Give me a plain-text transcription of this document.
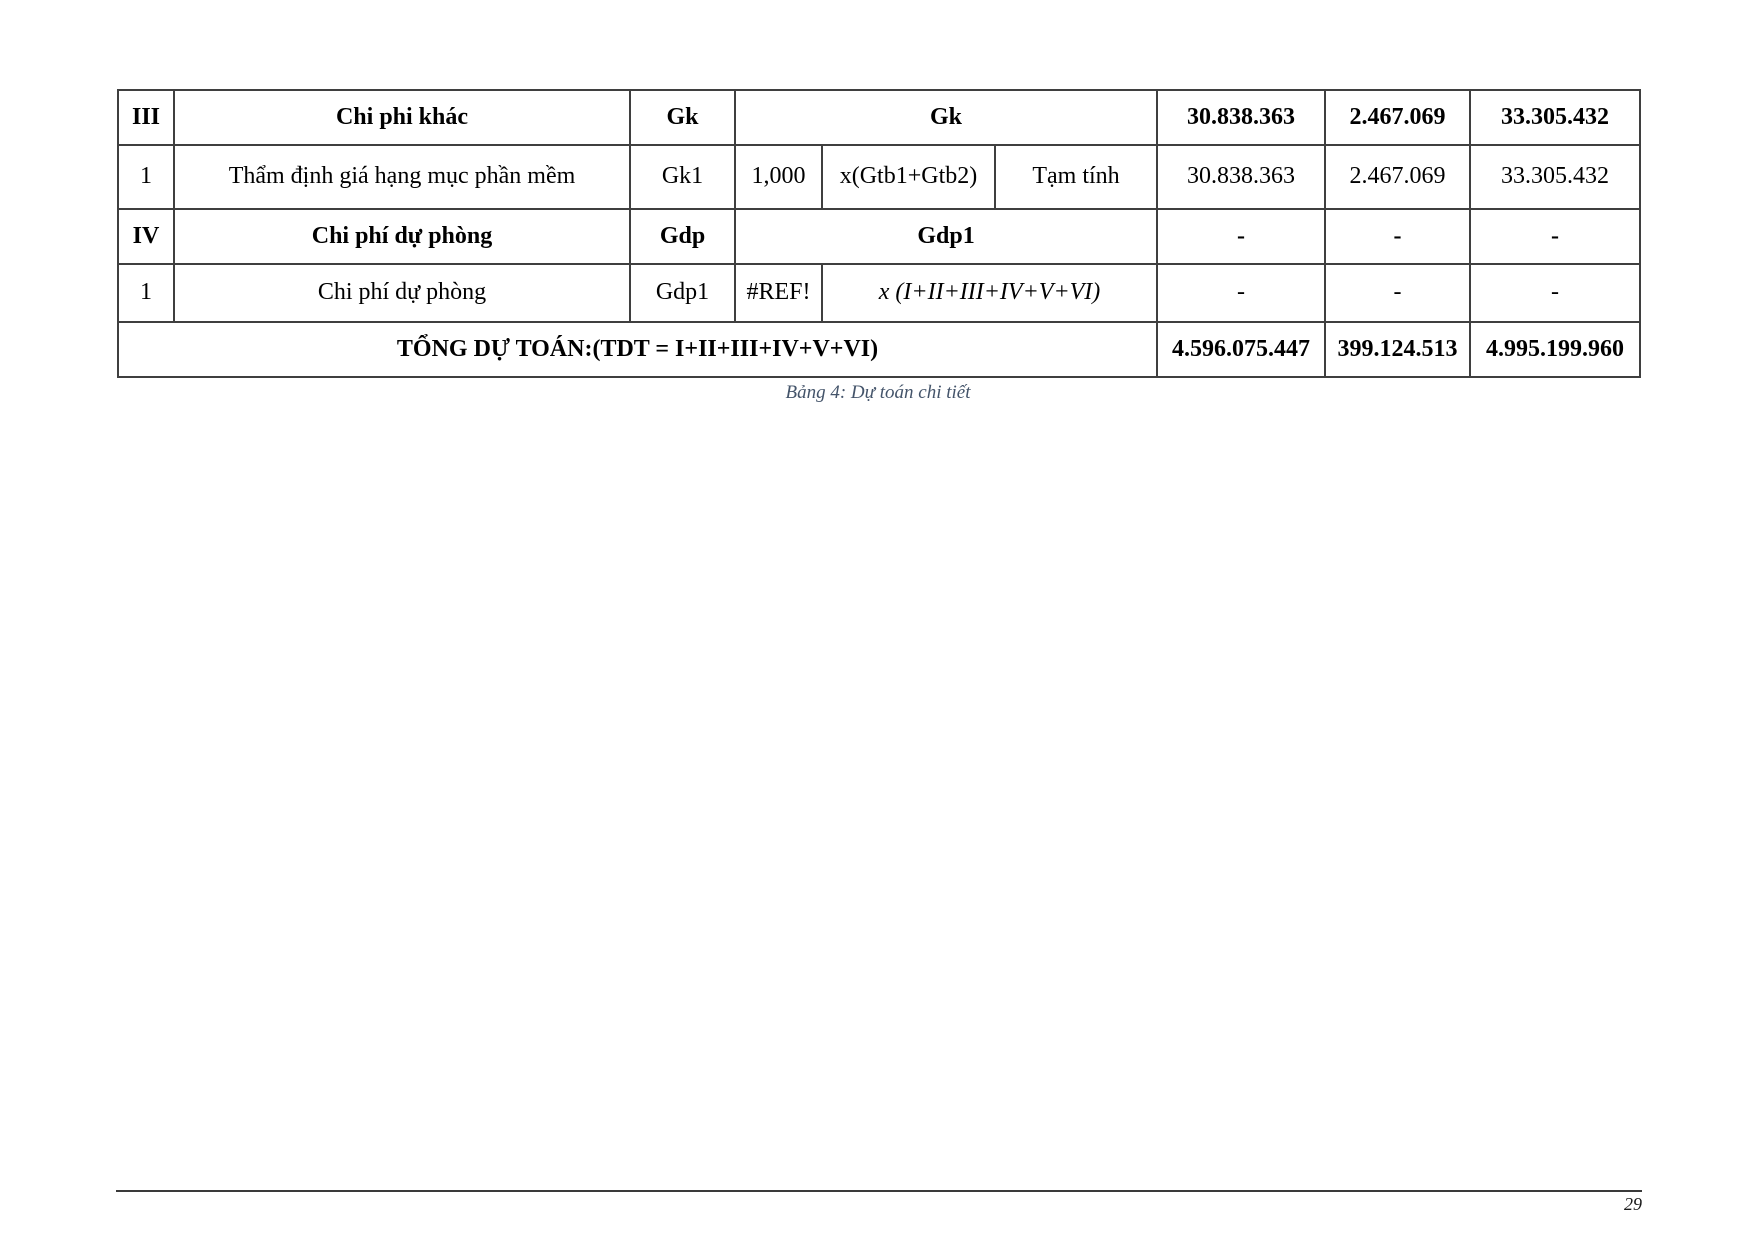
III	Chi phi khác	Gk	Gk			30.838.363	2.467.069	33.305.432
1	Thẩm định giá hạng mục phần mềm	Gk1	1,000	x(Gtb1+Gtb2)	Tạm tính	30.838.363	2.467.069	33.305.432
IV	Chi phí dự phòng	Gdp	Gdp1			-	-	-
1	Chi phí dự phòng	Gdp1	#REF!	x (I+II+III+IV+V+VI)		-	-	-
TỔNG DỰ TOÁN:(TDT = I+II+III+IV+V+VI)						4.596.075.447	399.124.513	4.995.199.960
Bảng 4: Dự toán chi tiết
29
